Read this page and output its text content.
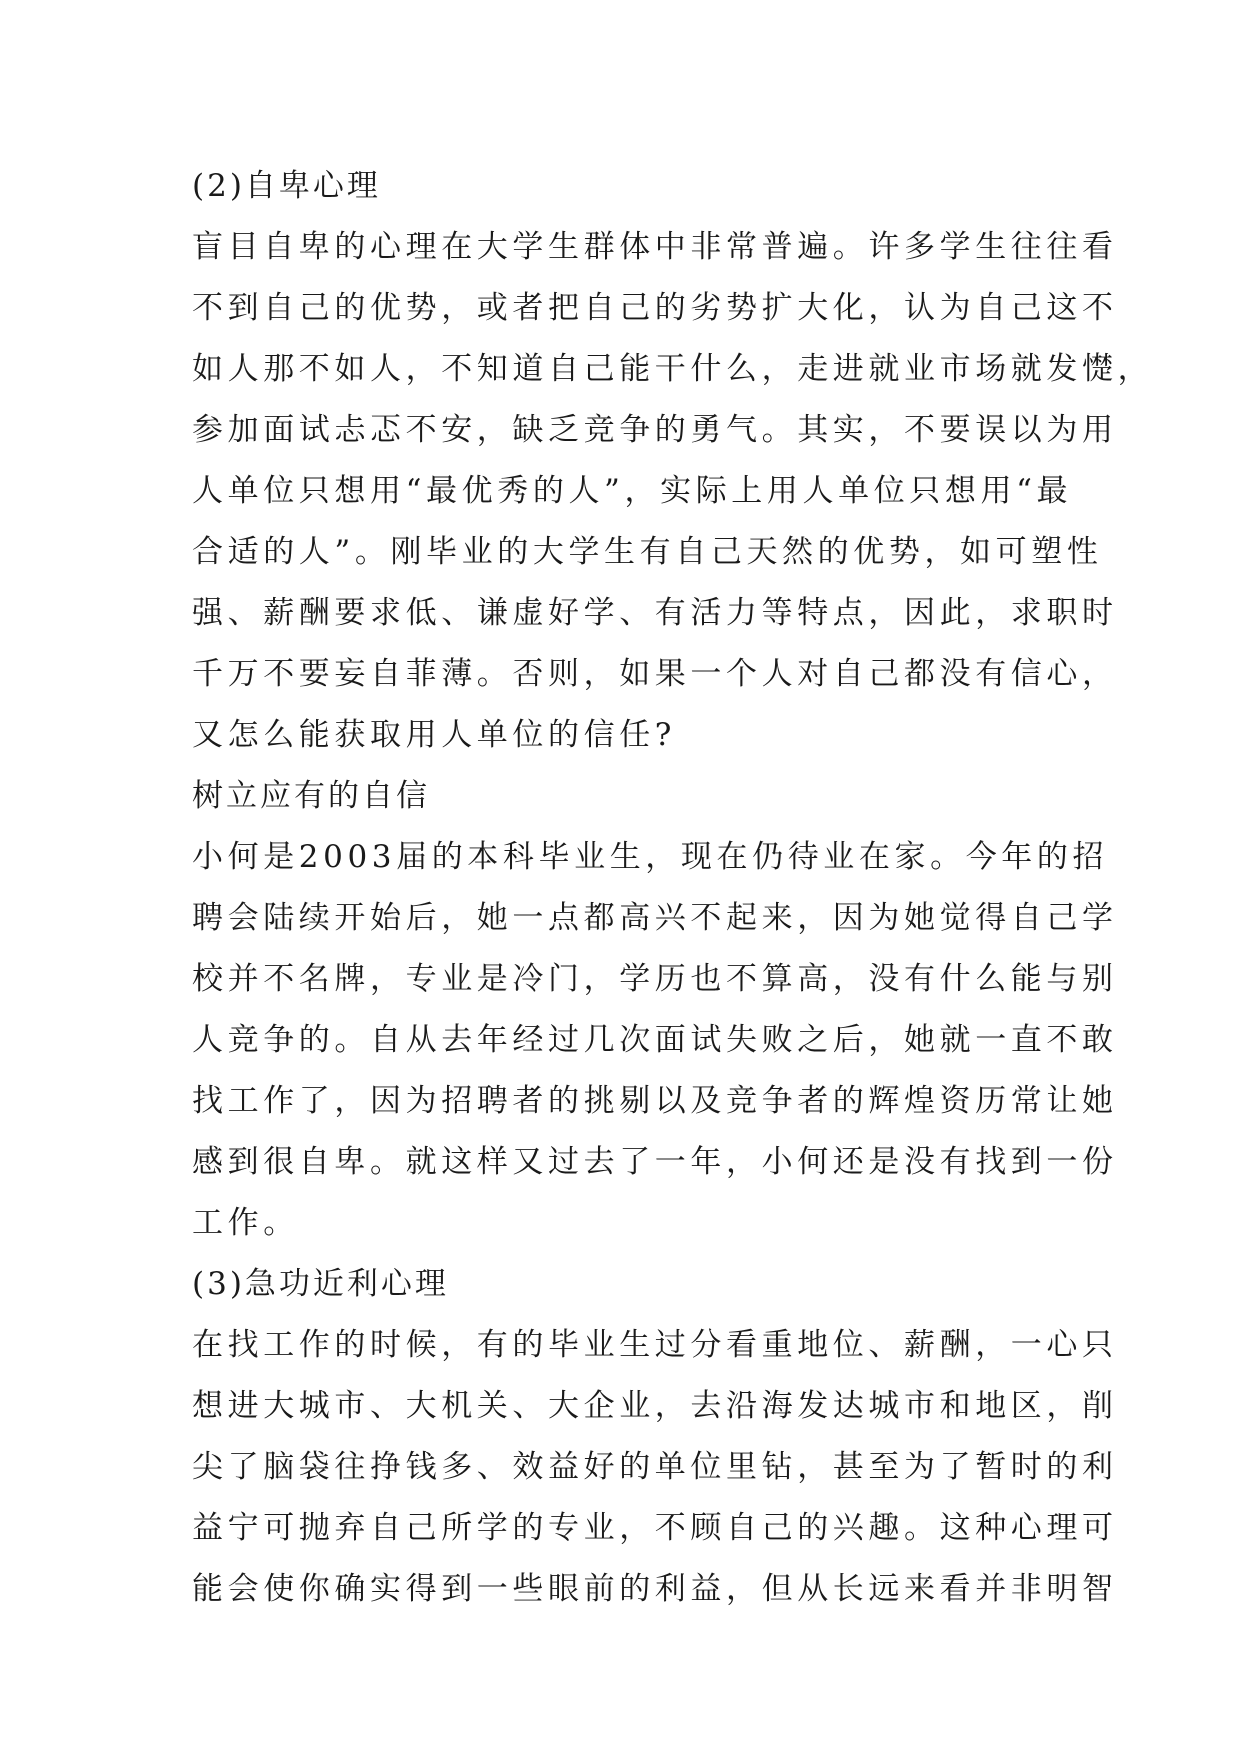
(2)自卑心理
盲目自卑的心理在大学生群体中非常普遍。许多学生往往看
不到自己的优势，或者把自己的劣势扩大化，认为自己这不
如人那不如人，不知道自己能干什么，走进就业市场就发憷，
参加面试忐忑不安，缺乏竞争的勇气。其实，不要误以为用
人单位只想用“最优秀的人”，实际上用人单位只想用“最
合适的人”。刚毕业的大学生有自己天然的优势，如可塑性
强、薪酬要求低、谦虚好学、有活力等特点，因此，求职时
千万不要妄自菲薄。否则，如果一个人对自己都没有信心，
又怎么能获取用人单位的信任?
树立应有的自信
小何是2003届的本科毕业生，现在仍待业在家。今年的招
聘会陆续开始后，她一点都高兴不起来，因为她觉得自己学
校并不名牌，专业是冷门，学历也不算高，没有什么能与别
人竞争的。自从去年经过几次面试失败之后，她就一直不敢
找工作了，因为招聘者的挑剔以及竞争者的辉煌资历常让她
感到很自卑。就这样又过去了一年，小何还是没有找到一份
工作。
(3)急功近利心理
在找工作的时候，有的毕业生过分看重地位、薪酬，一心只
想进大城市、大机关、大企业，去沿海发达城市和地区，削
尖了脑袋往挣钱多、效益好的单位里钻，甚至为了暂时的利
益宁可抛弃自己所学的专业，不顾自己的兴趣。这种心理可
能会使你确实得到一些眼前的利益，但从长远来看并非明智
